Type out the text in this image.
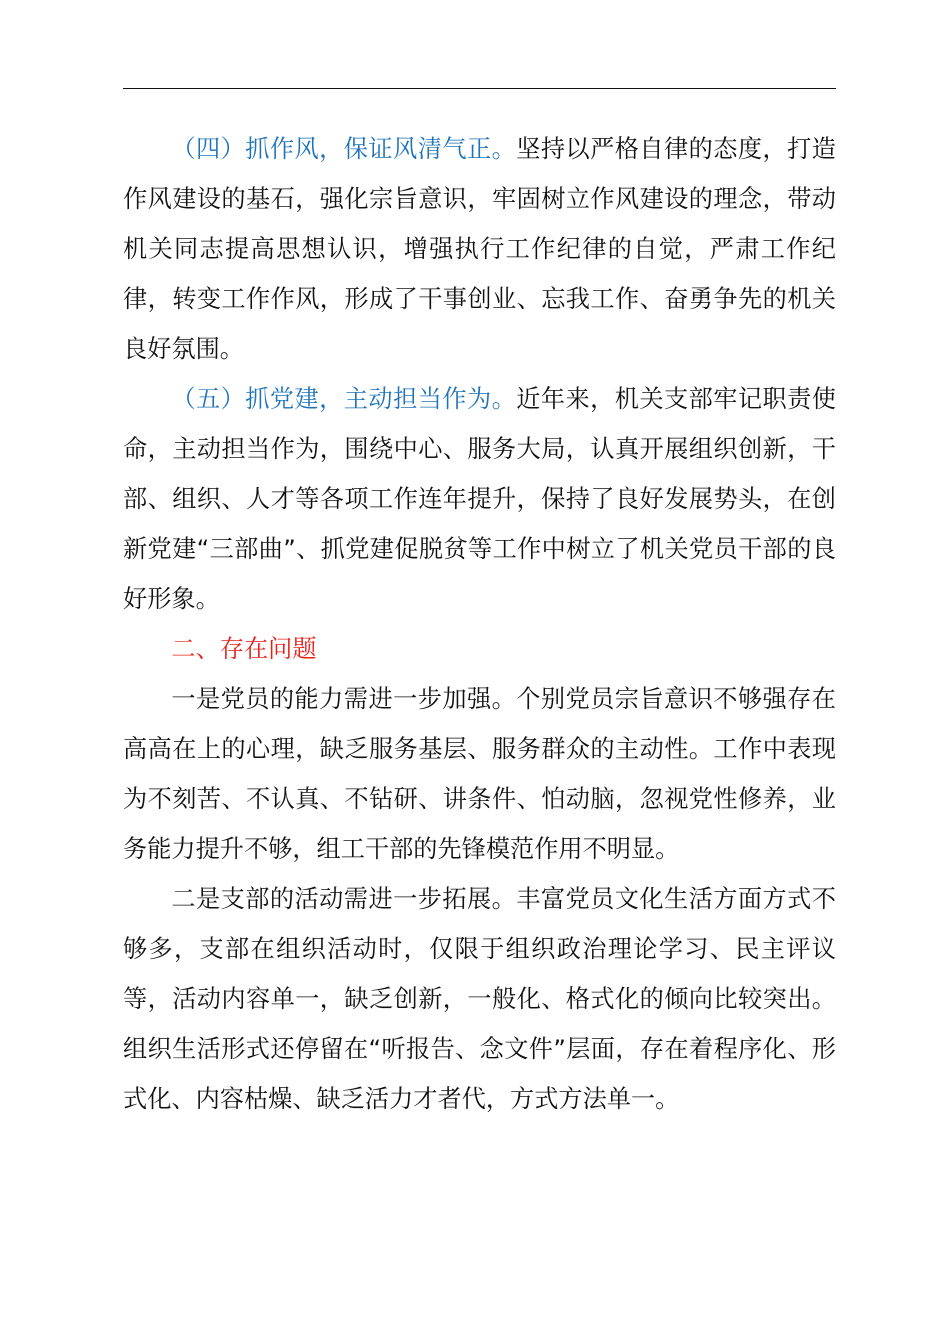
（四）抓作风，保证风清气正。坚持以严格自律的态度，打造作风建设的基石，强化宗旨意识，牢固树立作风建设的理念，带动机关同志提高思想认识，增强执行工作纪律的自觉，严肃工作纪律，转变工作作风，形成了干事创业、忘我工作、奋勇争先的机关良好氛围。

（五）抓党建，主动担当作为。近年来，机关支部牢记职责使命，主动担当作为，围绕中心、服务大局，认真开展组织创新，干部、组织、人才等各项工作连年提升，保持了良好发展势头，在创新党建“三部曲”、抓党建促脱贫等工作中树立了机关党员干部的良好形象。

二、存在问题

一是党员的能力需进一步加强。个别党员宗旨意识不够强存在高高在上的心理，缺乏服务基层、服务群众的主动性。工作中表现为不刻苦、不认真、不钻研、讲条件、怕动脑，忽视党性修养，业务能力提升不够，组工干部的先锋模范作用不明显。

二是支部的活动需进一步拓展。丰富党员文化生活方面方式不够多，支部在组织活动时，仅限于组织政治理论学习、民主评议等，活动内容单一，缺乏创新，一般化、格式化的倾向比较突出。组织生活形式还停留在“听报告、念文件”层面，存在着程序化、形式化、内容枯燥、缺乏活力才者代，方式方法单一。
